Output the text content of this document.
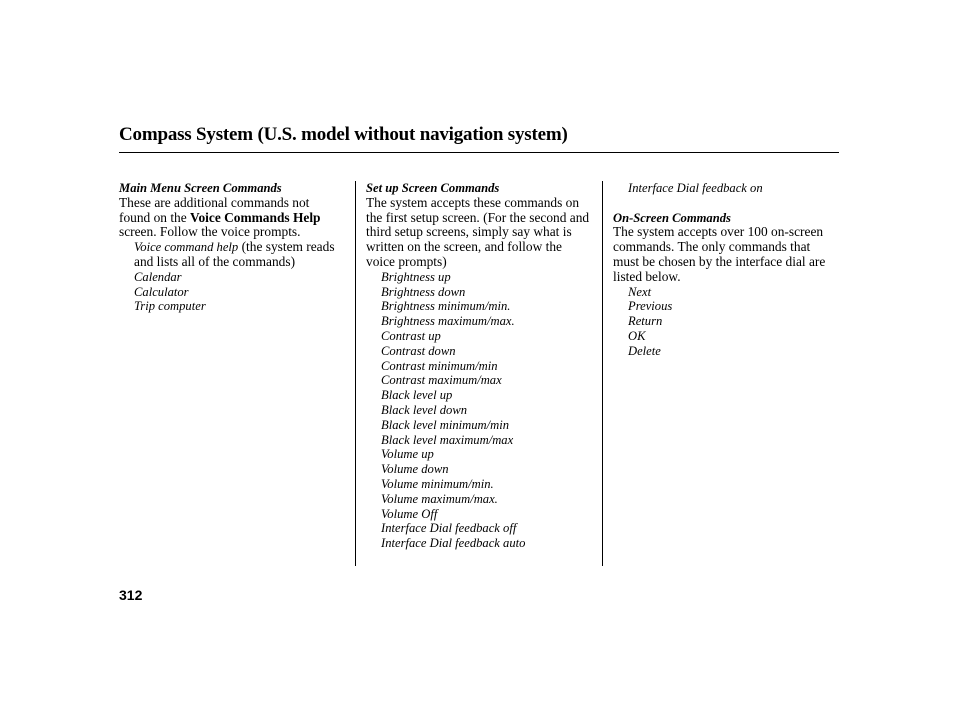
Compass System (U.S. model without navigation system)
Main Menu Screen Commands

These are additional commands not found on the Voice Commands Help screen. Follow the voice prompts.

Voice command help (the system reads and lists all of the commands)
Calendar
Calculator
Trip computer
Set up Screen Commands

The system accepts these commands on the first setup screen. (For the second and third setup screens, simply say what is written on the screen, and follow the voice prompts)

Brightness up
Brightness down
Brightness minimum/min.
Brightness maximum/max.
Contrast up
Contrast down
Contrast minimum/min
Contrast maximum/max
Black level up
Black level down
Black level minimum/min
Black level maximum/max
Volume up
Volume down
Volume minimum/min.
Volume maximum/max.
Volume Off
Interface Dial feedback off
Interface Dial feedback auto
Interface Dial feedback on
On-Screen Commands

The system accepts over 100 on-screen commands. The only commands that must be chosen by the interface dial are listed below.

Next
Previous
Return
OK
Delete
312
